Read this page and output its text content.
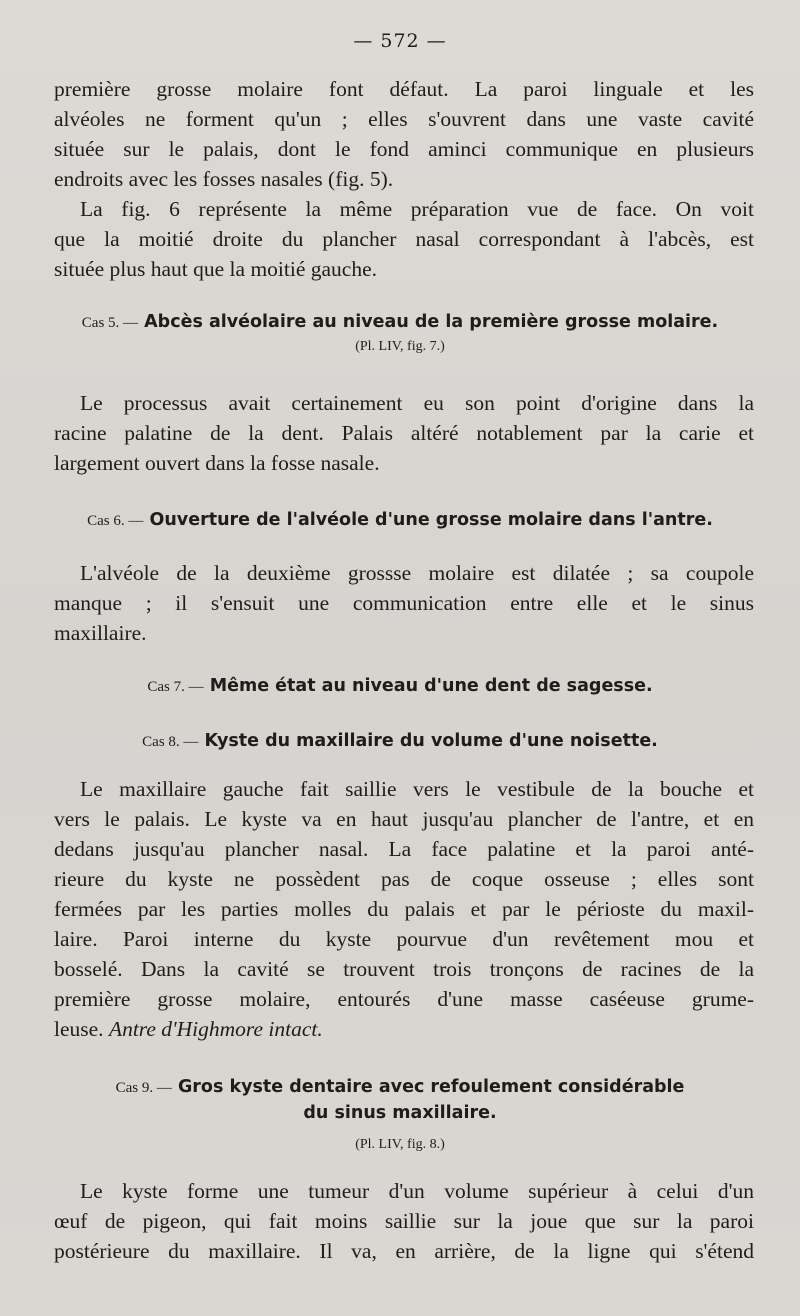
— 572 —
première grosse molaire font défaut. La paroi linguale et les
alvéoles ne forment qu'un ; elles s'ouvrent dans une vaste cavité
située sur le palais, dont le fond aminci communique en plusieurs
endroits avec les fosses nasales (fig. 5).
La fig. 6 représente la même préparation vue de face. On voit
que la moitié droite du plancher nasal correspondant à l'abcès, est
située plus haut que la moitié gauche.
Cas 5. — Abcès alvéolaire au niveau de la première grosse molaire.
(Pl. LIV, fig. 7.)
Le processus avait certainement eu son point d'origine dans la
racine palatine de la dent. Palais altéré notablement par la carie et
largement ouvert dans la fosse nasale.
Cas 6. — Ouverture de l'alvéole d'une grosse molaire dans l'antre.
L'alvéole de la deuxième grossse molaire est dilatée ; sa coupole
manque ; il s'ensuit une communication entre elle et le sinus
maxillaire.
Cas 7. — Même état au niveau d'une dent de sagesse.
Cas 8. — Kyste du maxillaire du volume d'une noisette.
Le maxillaire gauche fait saillie vers le vestibule de la bouche et
vers le palais. Le kyste va en haut jusqu'au plancher de l'antre, et en
dedans jusqu'au plancher nasal. La face palatine et la paroi anté-
rieure du kyste ne possèdent pas de coque osseuse ; elles sont
fermées par les parties molles du palais et par le périoste du maxil-
laire. Paroi interne du kyste pourvue d'un revêtement mou et
bosselé. Dans la cavité se trouvent trois tronçons de racines de la
première grosse molaire, entourés d'une masse caséeuse grume-
leuse. Antre d'Highmore intact.
Cas 9. — Gros kyste dentaire avec refoulement considérable
du sinus maxillaire.
(Pl. LIV, fig. 8.)
Le kyste forme une tumeur d'un volume supérieur à celui d'un
œuf de pigeon, qui fait moins saillie sur la joue que sur la paroi
postérieure du maxillaire. Il va, en arrière, de la ligne qui s'étend
